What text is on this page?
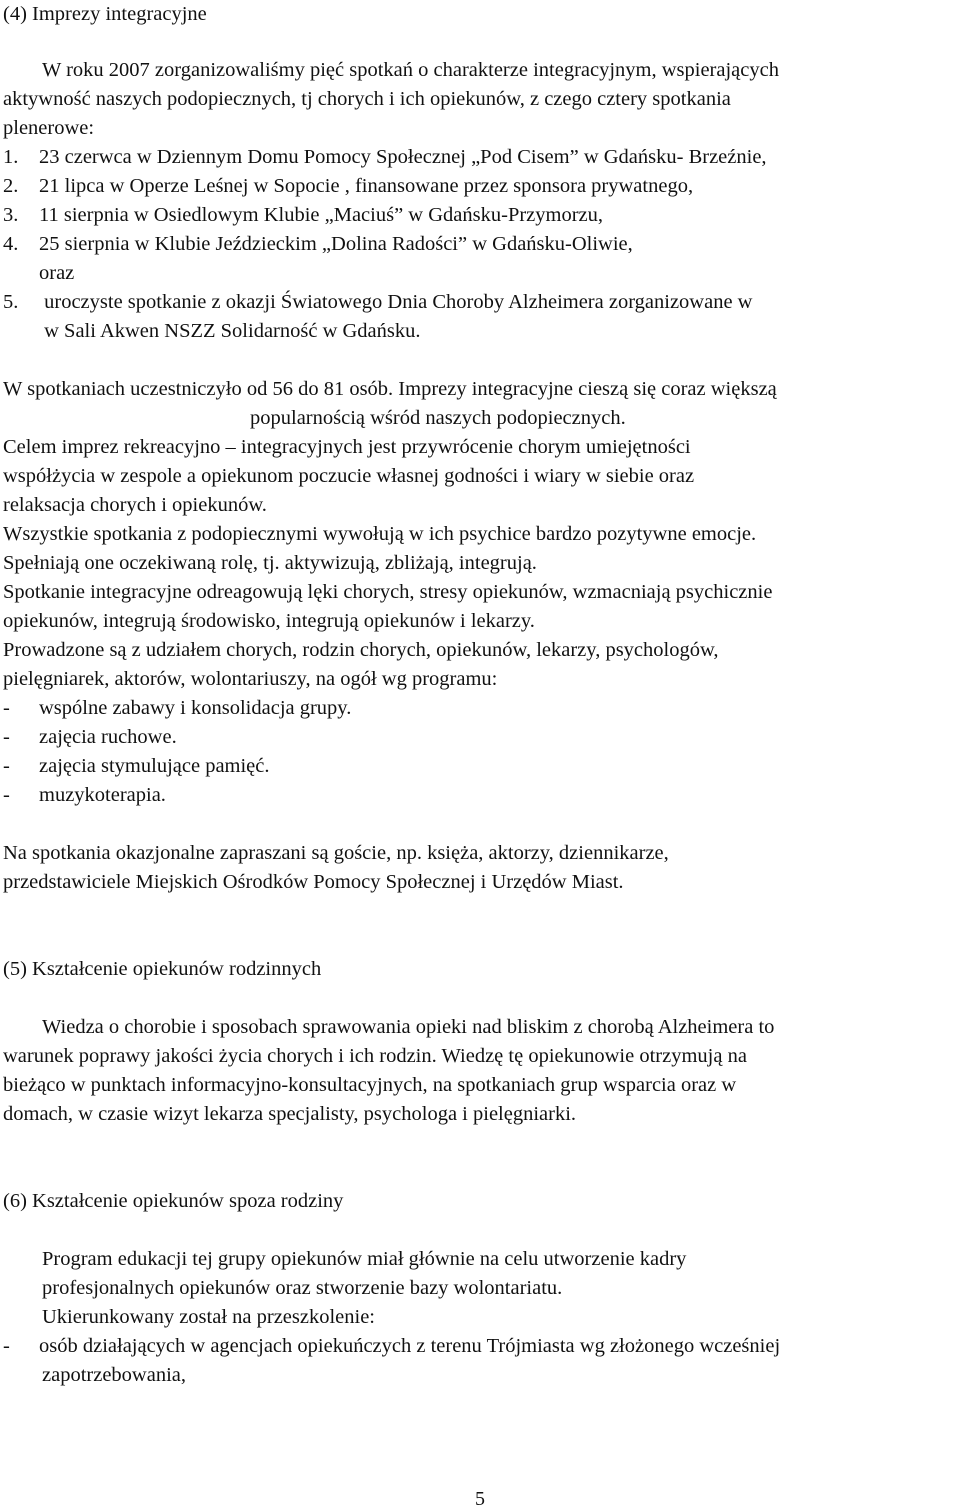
(4) Imprezy integracyjne
W roku 2007 zorganizowaliśmy pięć spotkań o charakterze integracyjnym, wspierających
aktywność naszych podopiecznych, tj chorych i ich opiekunów, z czego cztery spotkania
plenerowe:
1. 23 czerwca w Dziennym Domu Pomocy Społecznej „Pod Cisem” w Gdańsku- Brzeźnie,
2. 21 lipca w Operze Leśnej w Sopocie , finansowane przez sponsora prywatnego,
3. 11 sierpnia w Osiedlowym Klubie „Maciuś” w Gdańsku-Przymorzu,
4. 25 sierpnia w Klubie Jeździeckim „Dolina Radości” w Gdańsku-Oliwie,
oraz
5. uroczyste spotkanie z okazji Światowego Dnia Choroby Alzheimera zorganizowane w
w Sali Akwen NSZZ Solidarność w Gdańsku.
W spotkaniach uczestniczyło od 56 do 81 osób. Imprezy integracyjne cieszą się coraz większą
popularnością wśród naszych podopiecznych.
Celem imprez rekreacyjno – integracyjnych jest przywrócenie chorym umiejętności
współżycia w zespole a opiekunom poczucie własnej godności i wiary w siebie oraz
relaksacja chorych i opiekunów.
Wszystkie spotkania z podopiecznymi wywołują w ich psychice bardzo pozytywne emocje.
Spełniają one oczekiwaną rolę, tj. aktywizują, zbliżają, integrują.
Spotkanie integracyjne odreagowują lęki chorych, stresy opiekunów, wzmacniają psychicznie
opiekunów, integrują środowisko, integrują opiekunów i lekarzy.
Prowadzone są z udziałem chorych, rodzin chorych, opiekunów, lekarzy, psychologów,
pielęgniarek, aktorów, wolontariuszy, na ogół wg programu:
- wspólne zabawy i konsolidacja grupy.
- zajęcia ruchowe.
- zajęcia stymulujące pamięć.
- muzykoterapia.
Na spotkania okazjonalne zapraszani są goście, np. księża, aktorzy, dziennikarze,
przedstawiciele Miejskich Ośrodków Pomocy Społecznej i Urzędów Miast.
(5) Kształcenie opiekunów rodzinnych
Wiedza o chorobie i sposobach sprawowania opieki nad bliskim z chorobą Alzheimera to
warunek poprawy jakości życia chorych i ich rodzin. Wiedzę tę opiekunowie otrzymują na
bieżąco w punktach informacyjno-konsultacyjnych, na spotkaniach grup wsparcia oraz w
domach, w czasie wizyt lekarza specjalisty, psychologa i pielęgniarki.
(6) Kształcenie opiekunów spoza rodziny
Program edukacji tej grupy opiekunów miał głównie na celu utworzenie kadry
profesjonalnych opiekunów oraz stworzenie bazy wolontariatu.
Ukierunkowany został na przeszkolenie:
- osób działających w agencjach opiekuńczych z terenu Trójmiasta wg złożonego wcześniej
zapotrzebowania,
5
